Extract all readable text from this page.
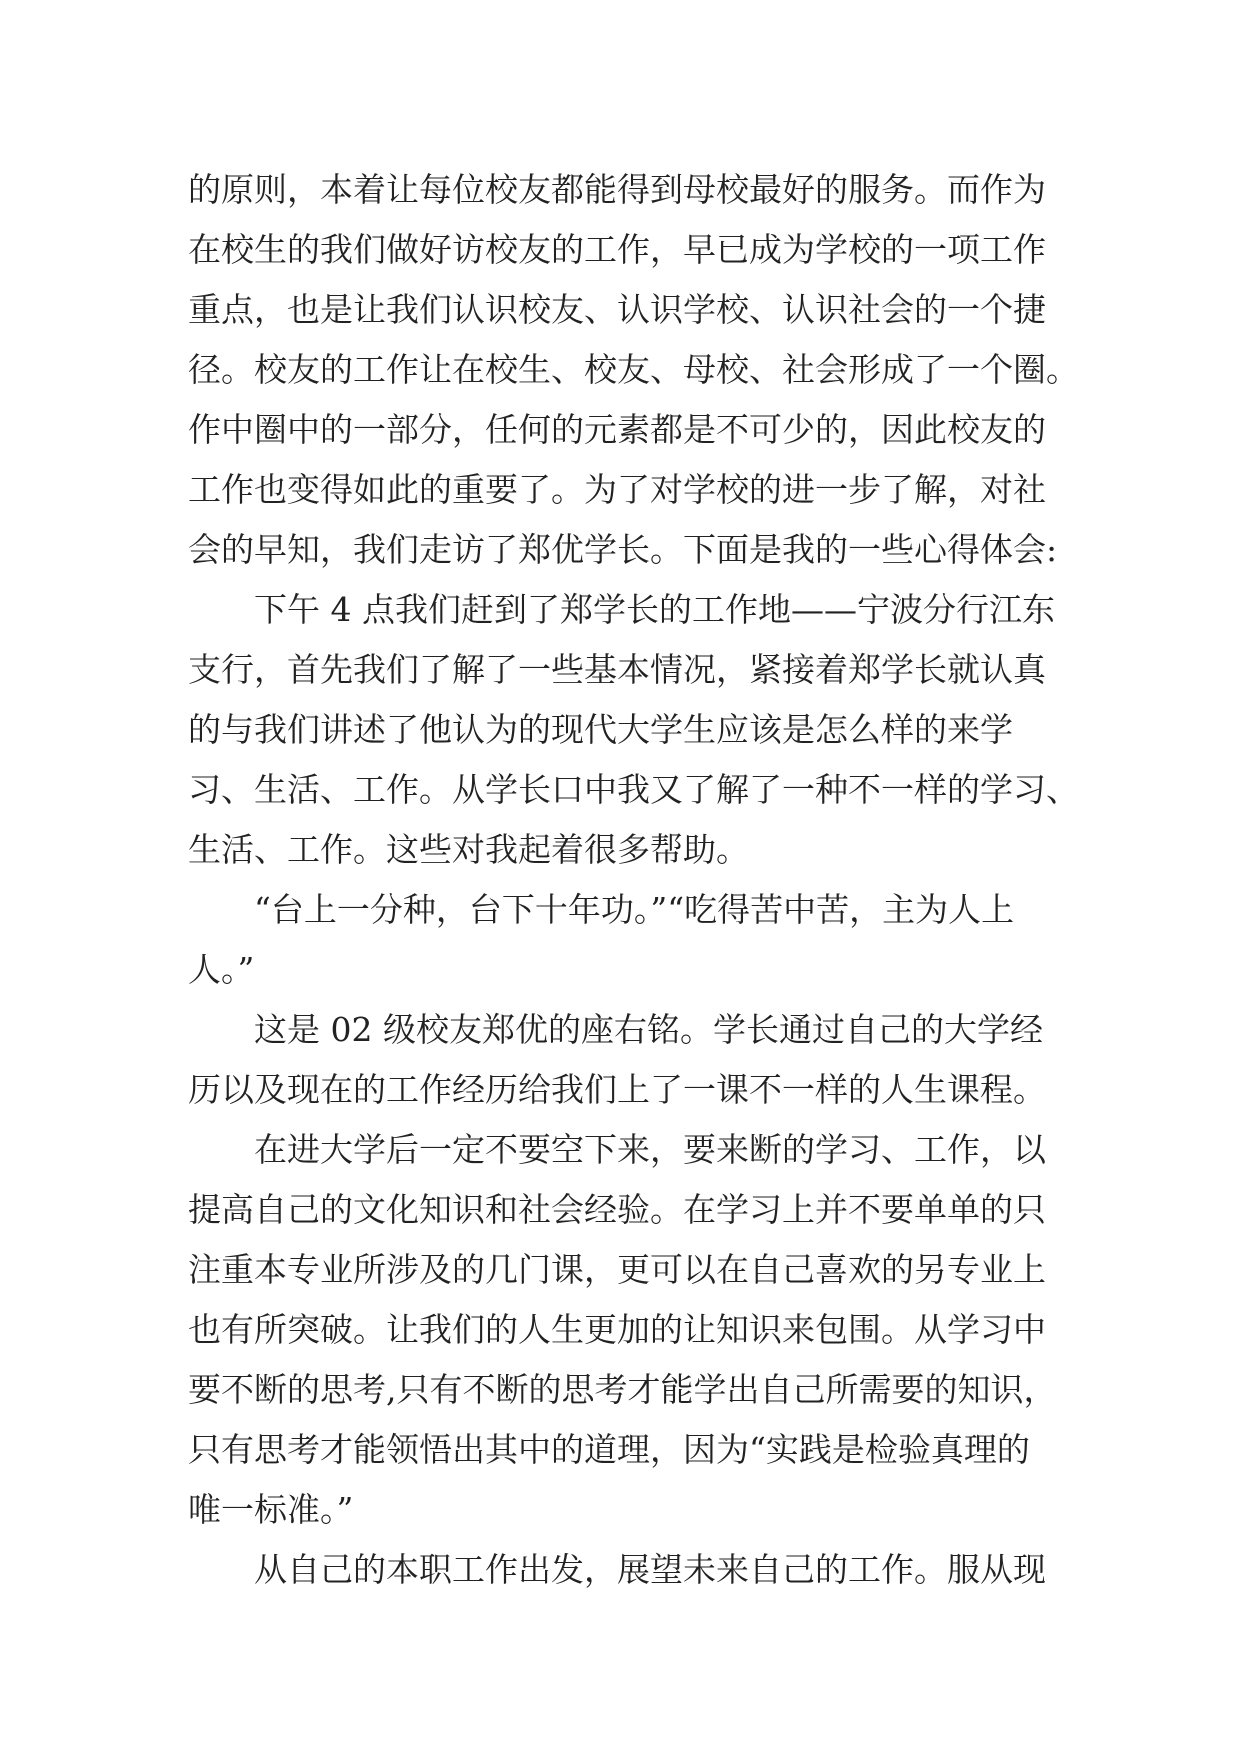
的原则，本着让每位校友都能得到母校最好的服务。而作为
在校生的我们做好访校友的工作，早已成为学校的一项工作
重点，也是让我们认识校友、认识学校、认识社会的一个捷
径。校友的工作让在校生、校友、母校、社会形成了一个圈。
作中圈中的一部分，任何的元素都是不可少的，因此校友的
工作也变得如此的重要了。为了对学校的进一步了解，对社
会的早知，我们走访了郑优学长。下面是我的一些心得体会:
　　下午 4 点我们赶到了郑学长的工作地——宁波分行江东
支行，首先我们了解了一些基本情况，紧接着郑学长就认真
的与我们讲述了他认为的现代大学生应该是怎么样的来学
习、生活、工作。从学长口中我又了解了一种不一样的学习、
生活、工作。这些对我起着很多帮助。
　　“台上一分种，台下十年功。”“吃得苦中苦，主为人上
人。”
　　这是 02 级校友郑优的座右铭。学长通过自己的大学经
历以及现在的工作经历给我们上了一课不一样的人生课程。
　　在进大学后一定不要空下来，要来断的学习、工作，以
提高自己的文化知识和社会经验。在学习上并不要单单的只
注重本专业所涉及的几门课，更可以在自己喜欢的另专业上
也有所突破。让我们的人生更加的让知识来包围。从学习中
要不断的思考,只有不断的思考才能学出自己所需要的知识，
只有思考才能领悟出其中的道理，因为“实践是检验真理的
唯一标准。”
　　从自己的本职工作出发，展望未来自己的工作。服从现
